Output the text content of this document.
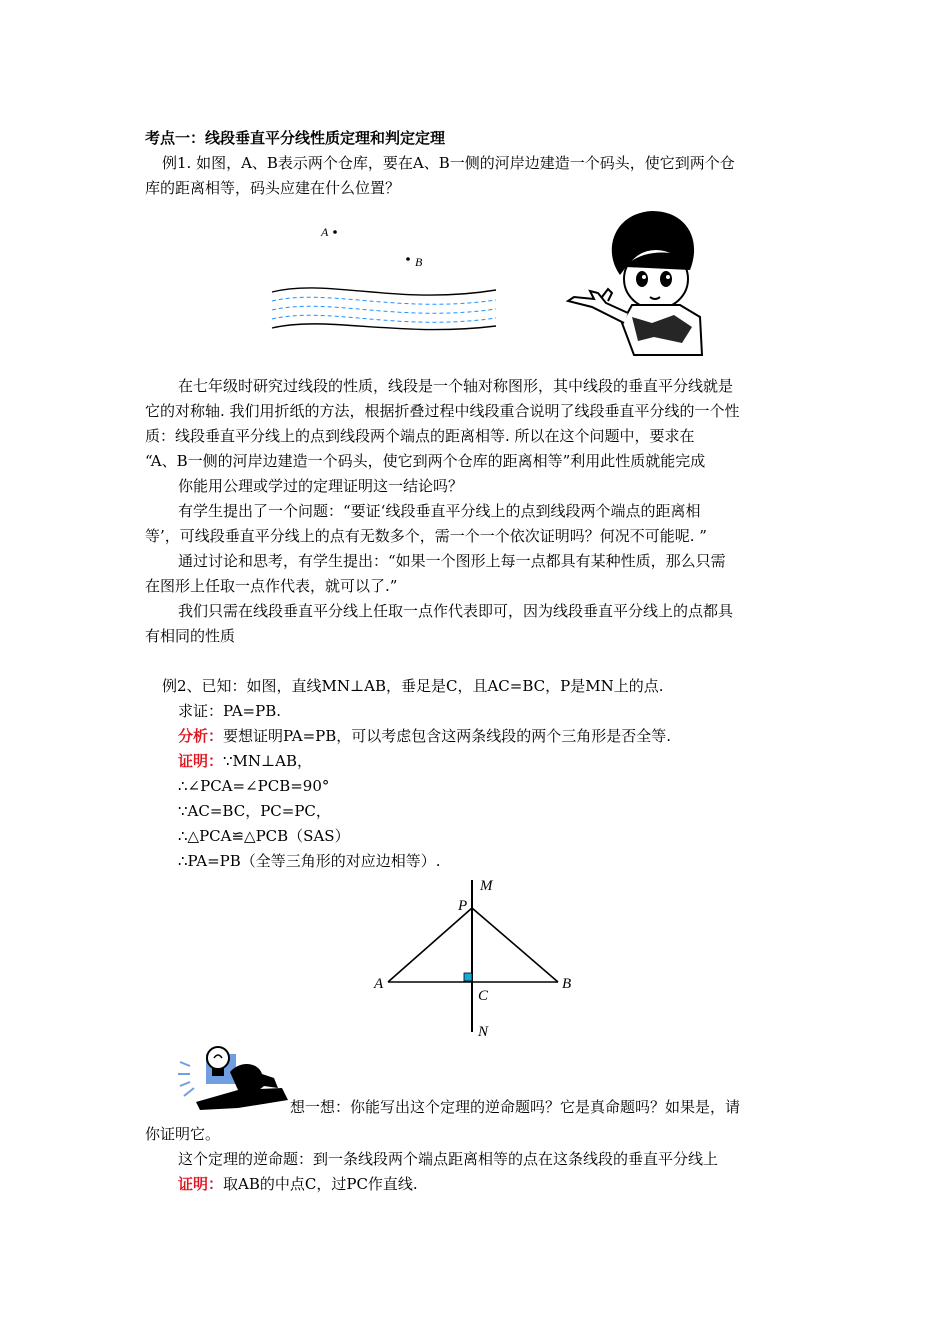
考点一：线段垂直平分线性质定理和判定定理
例1. 如图，A、B表示两个仓库，要在A、B一侧的河岸边建造一个码头，使它到两个仓
库的距离相等，码头应建在什么位置？
A
B
在七年级时研究过线段的性质，线段是一个轴对称图形，其中线段的垂直平分线就是
它的对称轴. 我们用折纸的方法，根据折叠过程中线段重合说明了线段垂直平分线的一个性
质：线段垂直平分线上的点到线段两个端点的距离相等. 所以在这个问题中，要求在
“A、B一侧的河岸边建造一个码头，使它到两个仓库的距离相等”利用此性质就能完成
你能用公理或学过的定理证明这一结论吗？
有学生提出了一个问题：“要证‘线段垂直平分线上的点到线段两个端点的距离相
等’，可线段垂直平分线上的点有无数多个，需一个一个依次证明吗？何况不可能呢. ”
通过讨论和思考，有学生提出：“如果一个图形上每一点都具有某种性质，那么只需
在图形上任取一点作代表，就可以了.”
我们只需在线段垂直平分线上任取一点作代表即可，因为线段垂直平分线上的点都具
有相同的性质
例2、已知：如图，直线MN⊥AB，垂足是C，且AC=BC，P是MN上的点.
求证：PA=PB.
分析：要想证明PA=PB，可以考虑包含这两条线段的两个三角形是否全等.
证明：∵MN⊥AB，
∴∠PCA=∠PCB=90°
∵AC=BC，PC=PC，
∴△PCA≌△PCB（SAS）
∴PA=PB（全等三角形的对应边相等）.
M
P
A	B
C
N
想一想：你能写出这个定理的逆命题吗？它是真命题吗？如果是，请
你证明它。
这个定理的逆命题：到一条线段两个端点距离相等的点在这条线段的垂直平分线上
证明：取AB的中点C，过PC作直线.
